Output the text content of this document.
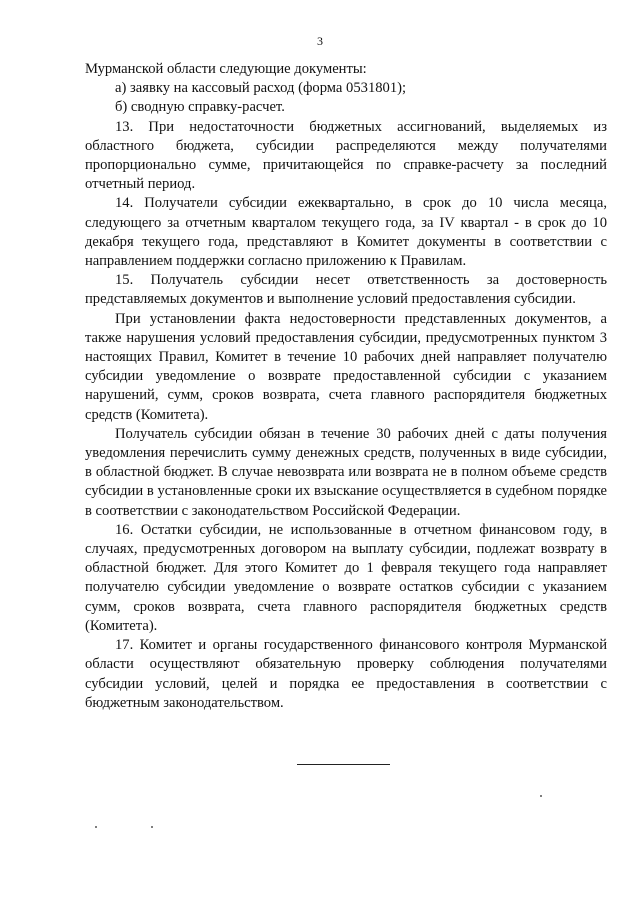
3

Мурманской области следующие документы:

а) заявку на кассовый расход (форма 0531801);

б) сводную справку-расчет.

13. При недостаточности бюджетных ассигнований, выделяемых из областного бюджета, субсидии распределяются между получателями пропорционально сумме, причитающейся по справке-расчету за последний отчетный период.

14. Получатели субсидии ежеквартально, в срок до 10 числа месяца, следующего за отчетным кварталом текущего года, за IV квартал - в срок до 10 декабря текущего года, представляют в Комитет документы в соответствии с направлением поддержки согласно приложению к Правилам.

15. Получатель субсидии несет ответственность за достоверность представляемых документов и выполнение условий предоставления субсидии.

При установлении факта недостоверности представленных документов, а также нарушения условий предоставления субсидии, предусмотренных пунктом 3 настоящих Правил, Комитет в течение 10 рабочих дней направляет получателю субсидии уведомление о возврате предоставленной субсидии с указанием нарушений, сумм, сроков возврата, счета главного распорядителя бюджетных средств (Комитета).

Получатель субсидии обязан в течение 30 рабочих дней с даты получения уведомления перечислить сумму денежных средств, полученных в виде субсидии, в областной бюджет. В случае невозврата или возврата не в полном объеме средств субсидии в установленные сроки их взыскание осуществляется в судебном порядке в соответствии с законодательством Российской Федерации.

16. Остатки субсидии, не использованные в отчетном финансовом году, в случаях, предусмотренных договором на выплату субсидии, подлежат возврату в областной бюджет. Для этого Комитет до 1 февраля текущего года направляет получателю субсидии уведомление о возврате остатков субсидии с указанием сумм, сроков возврата, счета главного распорядителя бюджетных средств (Комитета).

17. Комитет и органы государственного финансового контроля Мурманской области осуществляют обязательную проверку соблюдения получателями субсидии условий, целей и порядка ее предоставления в соответствии с бюджетным законодательством.
